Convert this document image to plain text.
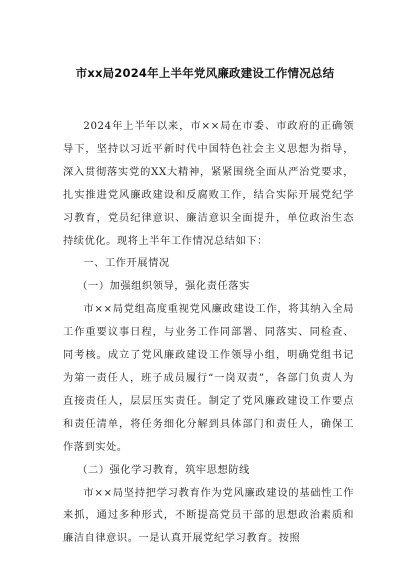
市xx局2024年上半年党风廉政建设工作情况总结

2024年上半年以来，市××局在市委、市政府的正确领导下，坚持以习近平新时代中国特色社会主义思想为指导，深入贯彻落实党的XX大精神，紧紧围绕全面从严治党要求，扎实推进党风廉政建设和反腐败工作，结合实际开展党纪学习教育，党员纪律意识、廉洁意识全面提升，单位政治生态持续优化。现将上半年工作情况总结如下：

一、工作开展情况

（一）加强组织领导，强化责任落实

市××局党组高度重视党风廉政建设工作，将其纳入全局工作重要议事日程，与业务工作同部署、同落实、同检查、同考核。成立了党风廉政建设工作领导小组，明确党组书记为第一责任人，班子成员履行“一岗双责”，各部门负责人为直接责任人，层层压实责任。制定了党风廉政建设工作要点和责任清单，将任务细化分解到具体部门和责任人，确保工作落到实处。

（二）强化学习教育，筑牢思想防线

市××局坚持把学习教育作为党风廉政建设的基础性工作来抓，通过多种形式，不断提高党员干部的思想政治素质和廉洁自律意识。一是认真开展党纪学习教育。按照
